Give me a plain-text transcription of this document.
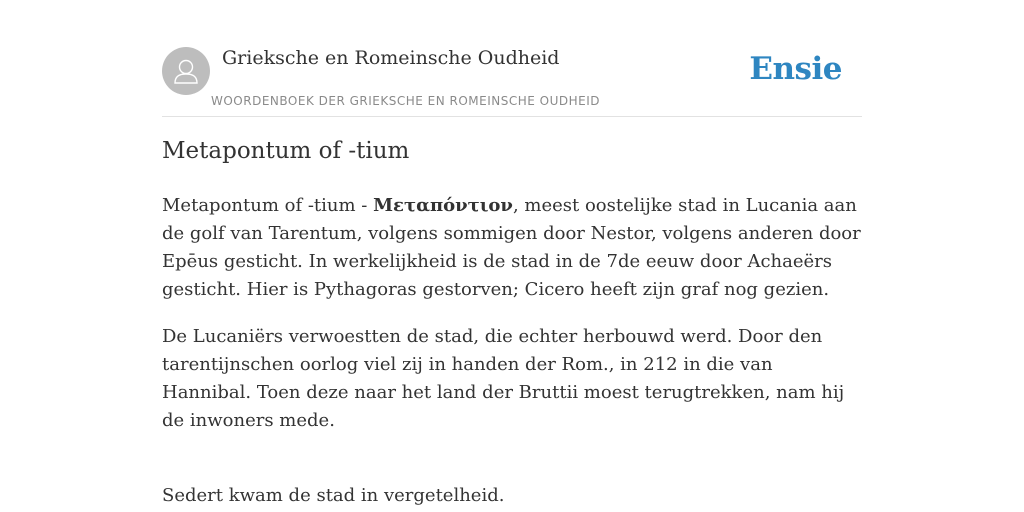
Grieksche en Romeinsche Oudheid
WOORDENBOEK DER GRIEKSCHE EN ROMEINSCHE OUDHEID
Ensie
Metapontum of -tium

Metapontum of -tium - Μεταπόντιον, meest oostelijke stad in Lucania aan de golf van Tarentum, volgens sommigen door Nestor, volgens anderen door Epēus gesticht. In werkelijkheid is de stad in de 7de eeuw door Achaeërs gesticht. Hier is Pythagoras gestorven; Cicero heeft zijn graf nog gezien.

De Lucaniërs verwoestten de stad, die echter herbouwd werd. Door den tarentijnschen oorlog viel zij in handen der Rom., in 212 in die van Hannibal. Toen deze naar het land der Bruttii moest terugtrekken, nam hij de inwoners mede.

Sedert kwam de stad in vergetelheid.
